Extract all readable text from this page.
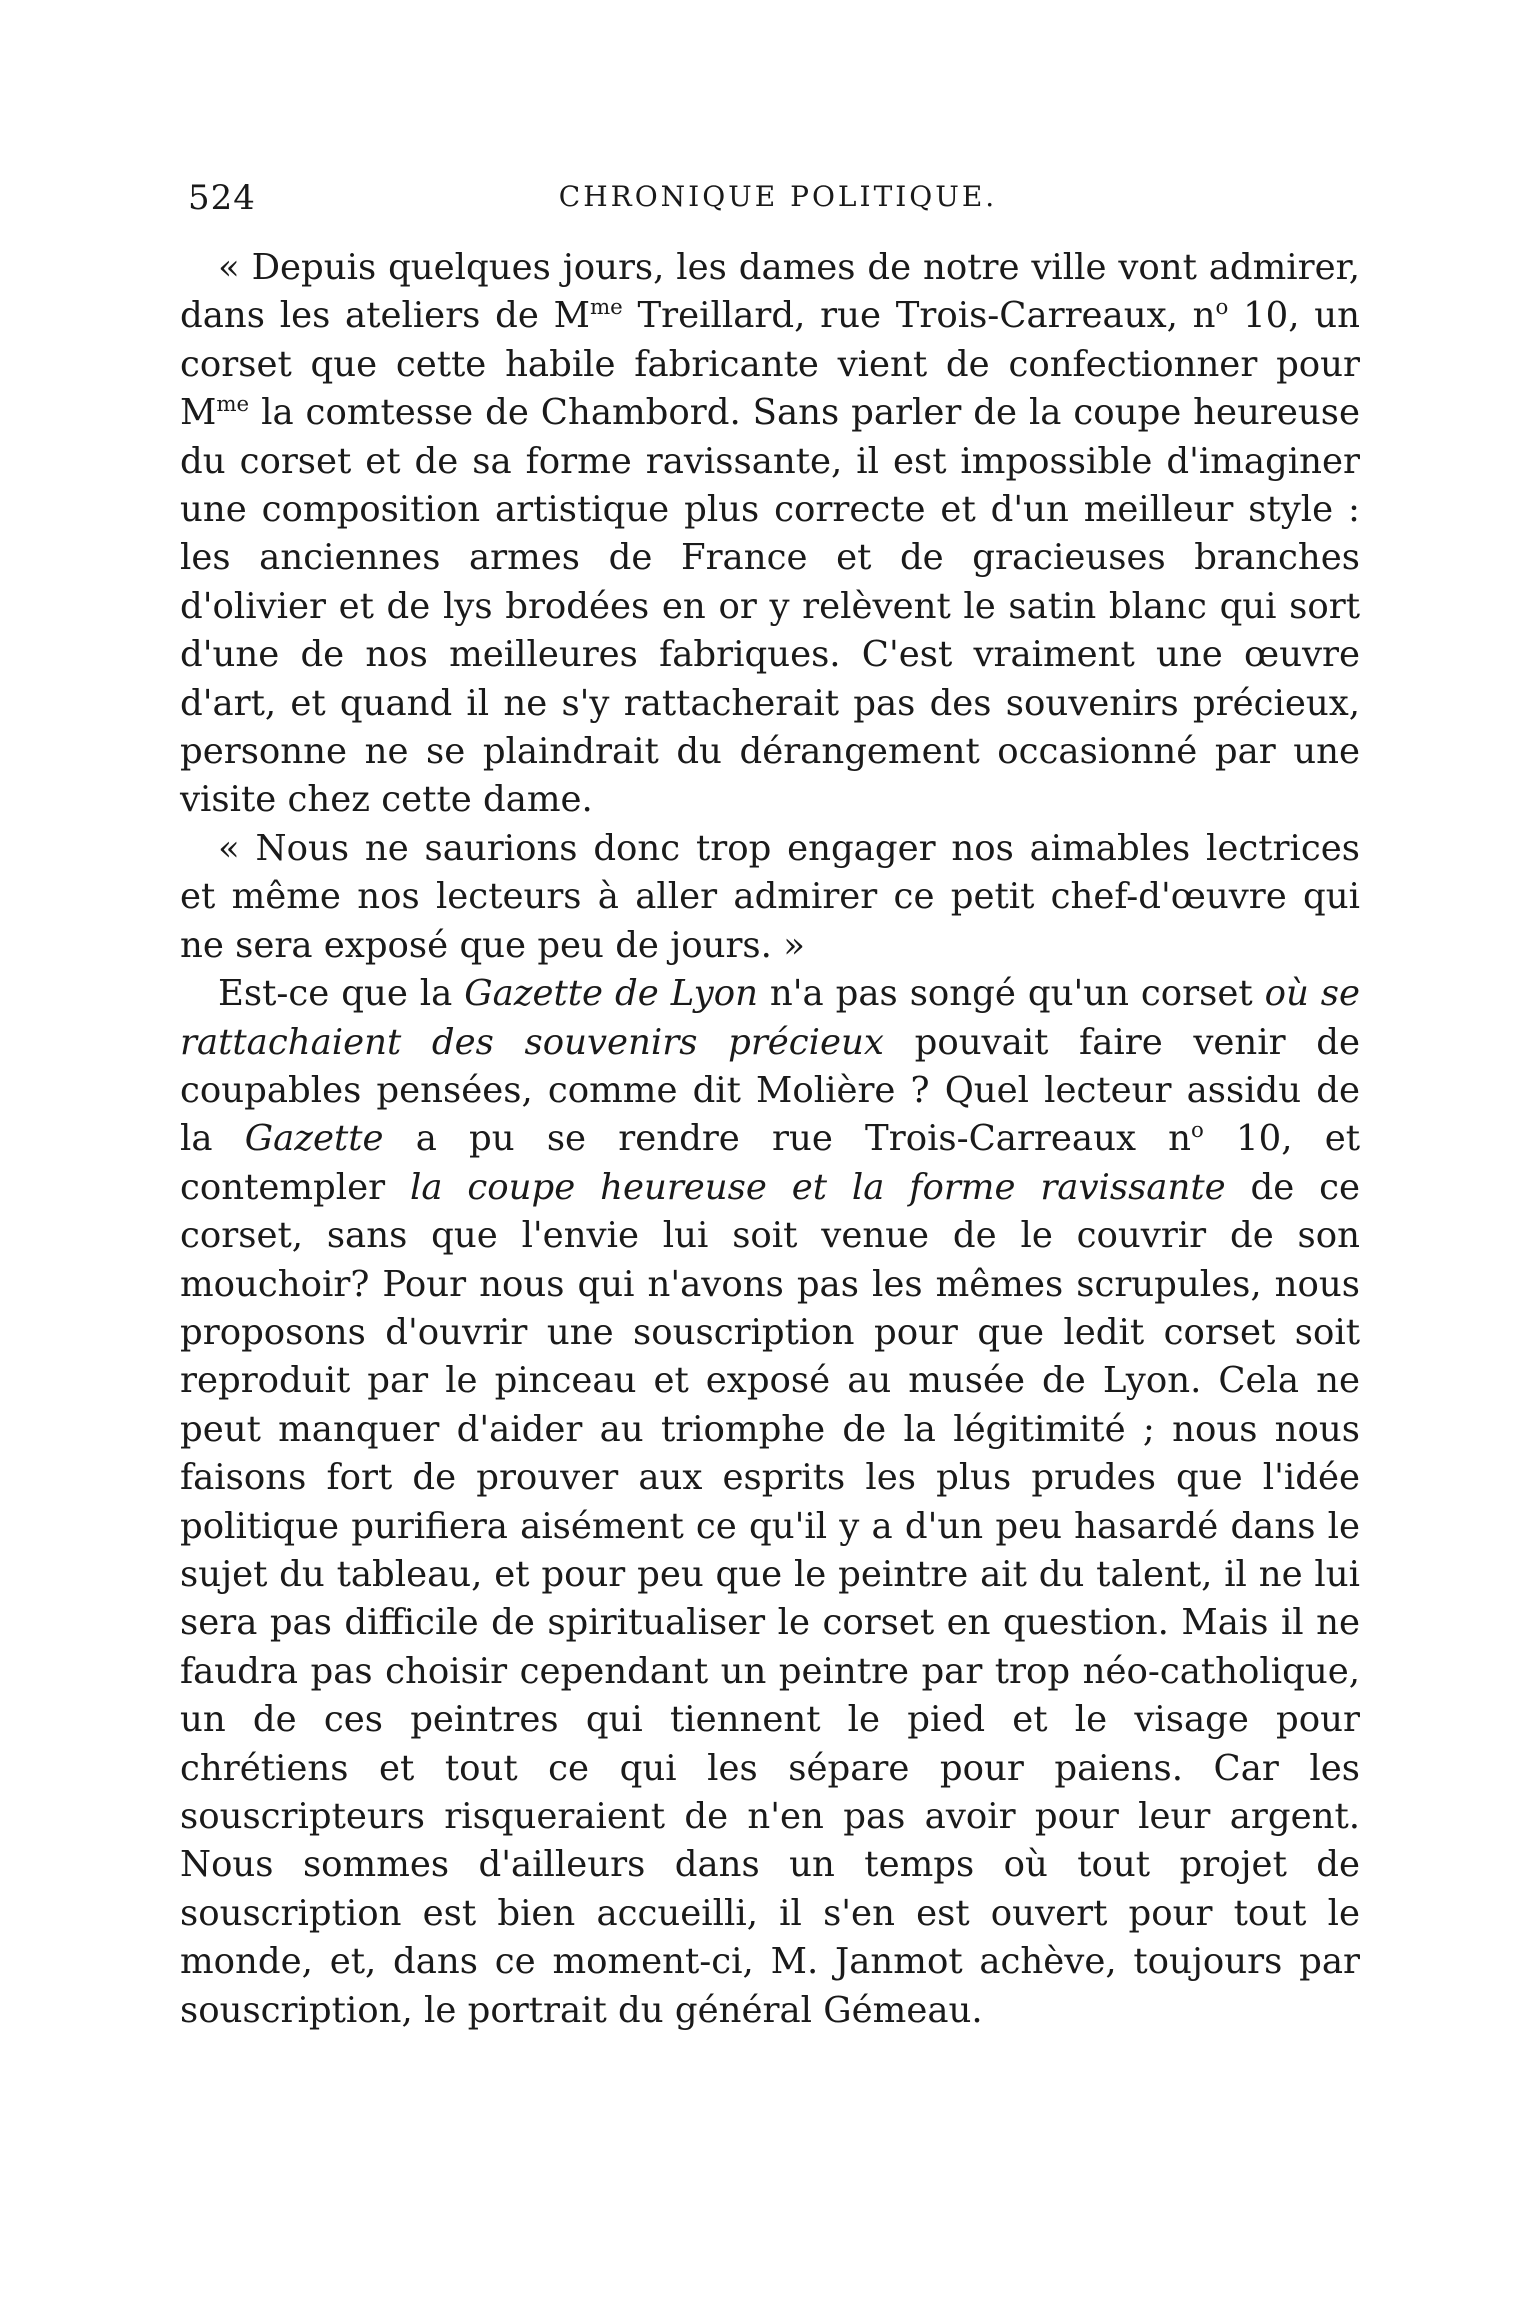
524	CHRONIQUE POLITIQUE.

« Depuis quelques jours, les dames de notre ville vont admirer, dans les ateliers de $M^{me}$ Treillard, rue Trois-Carreaux, $n^o$ 10, un corset que cette habile fabricante vient de confectionner pour $M^{me}$ la comtesse de Chambord. Sans parler de la coupe heureuse du corset et de sa forme ravissante, il est impossible d'imaginer une composition artistique plus correcte et d'un meilleur style : les anciennes armes de France et de gracieuses branches d'olivier et de lys brodées en or y relèvent le satin blanc qui sort d'une de nos meilleures fabriques. C'est vraiment une œuvre d'art, et quand il ne s'y rattacherait pas des souvenirs précieux, personne ne se plaindrait du dérangement occasionné par une visite chez cette dame.

« Nous ne saurions donc trop engager nos aimables lectrices et même nos lecteurs à aller admirer ce petit chef-d'œuvre qui ne sera exposé que peu de jours. »

Est-ce que la Gazette de Lyon n'a pas songé qu'un corset où se rattachaient des souvenirs précieux pouvait faire venir de coupables pensées, comme dit Molière ? Quel lecteur assidu de la Gazette a pu se rendre rue Trois-Carreaux $n^o$ 10, et contempler la coupe heureuse et la forme ravissante de ce corset, sans que l'envie lui soit venue de le couvrir de son mouchoir? Pour nous qui n'avons pas les mêmes scrupules, nous proposons d'ouvrir une souscription pour que ledit corset soit reproduit par le pinceau et exposé au musée de Lyon. Cela ne peut manquer d'aider au triomphe de la légitimité ; nous nous faisons fort de prouver aux esprits les plus prudes que l'idée politique purifiera aisément ce qu'il y a d'un peu hasardé dans le sujet du tableau, et pour peu que le peintre ait du talent, il ne lui sera pas difficile de spiritualiser le corset en question. Mais il ne faudra pas choisir cependant un peintre par trop néo-catholique, un de ces peintres qui tiennent le pied et le visage pour chrétiens et tout ce qui les sépare pour paiens. Car les souscripteurs risqueraient de n'en pas avoir pour leur argent. Nous sommes d'ailleurs dans un temps où tout projet de souscription est bien accueilli, il s'en est ouvert pour tout le monde, et, dans ce moment-ci, M. Janmot achève, toujours par souscription, le portrait du général Gémeau.
